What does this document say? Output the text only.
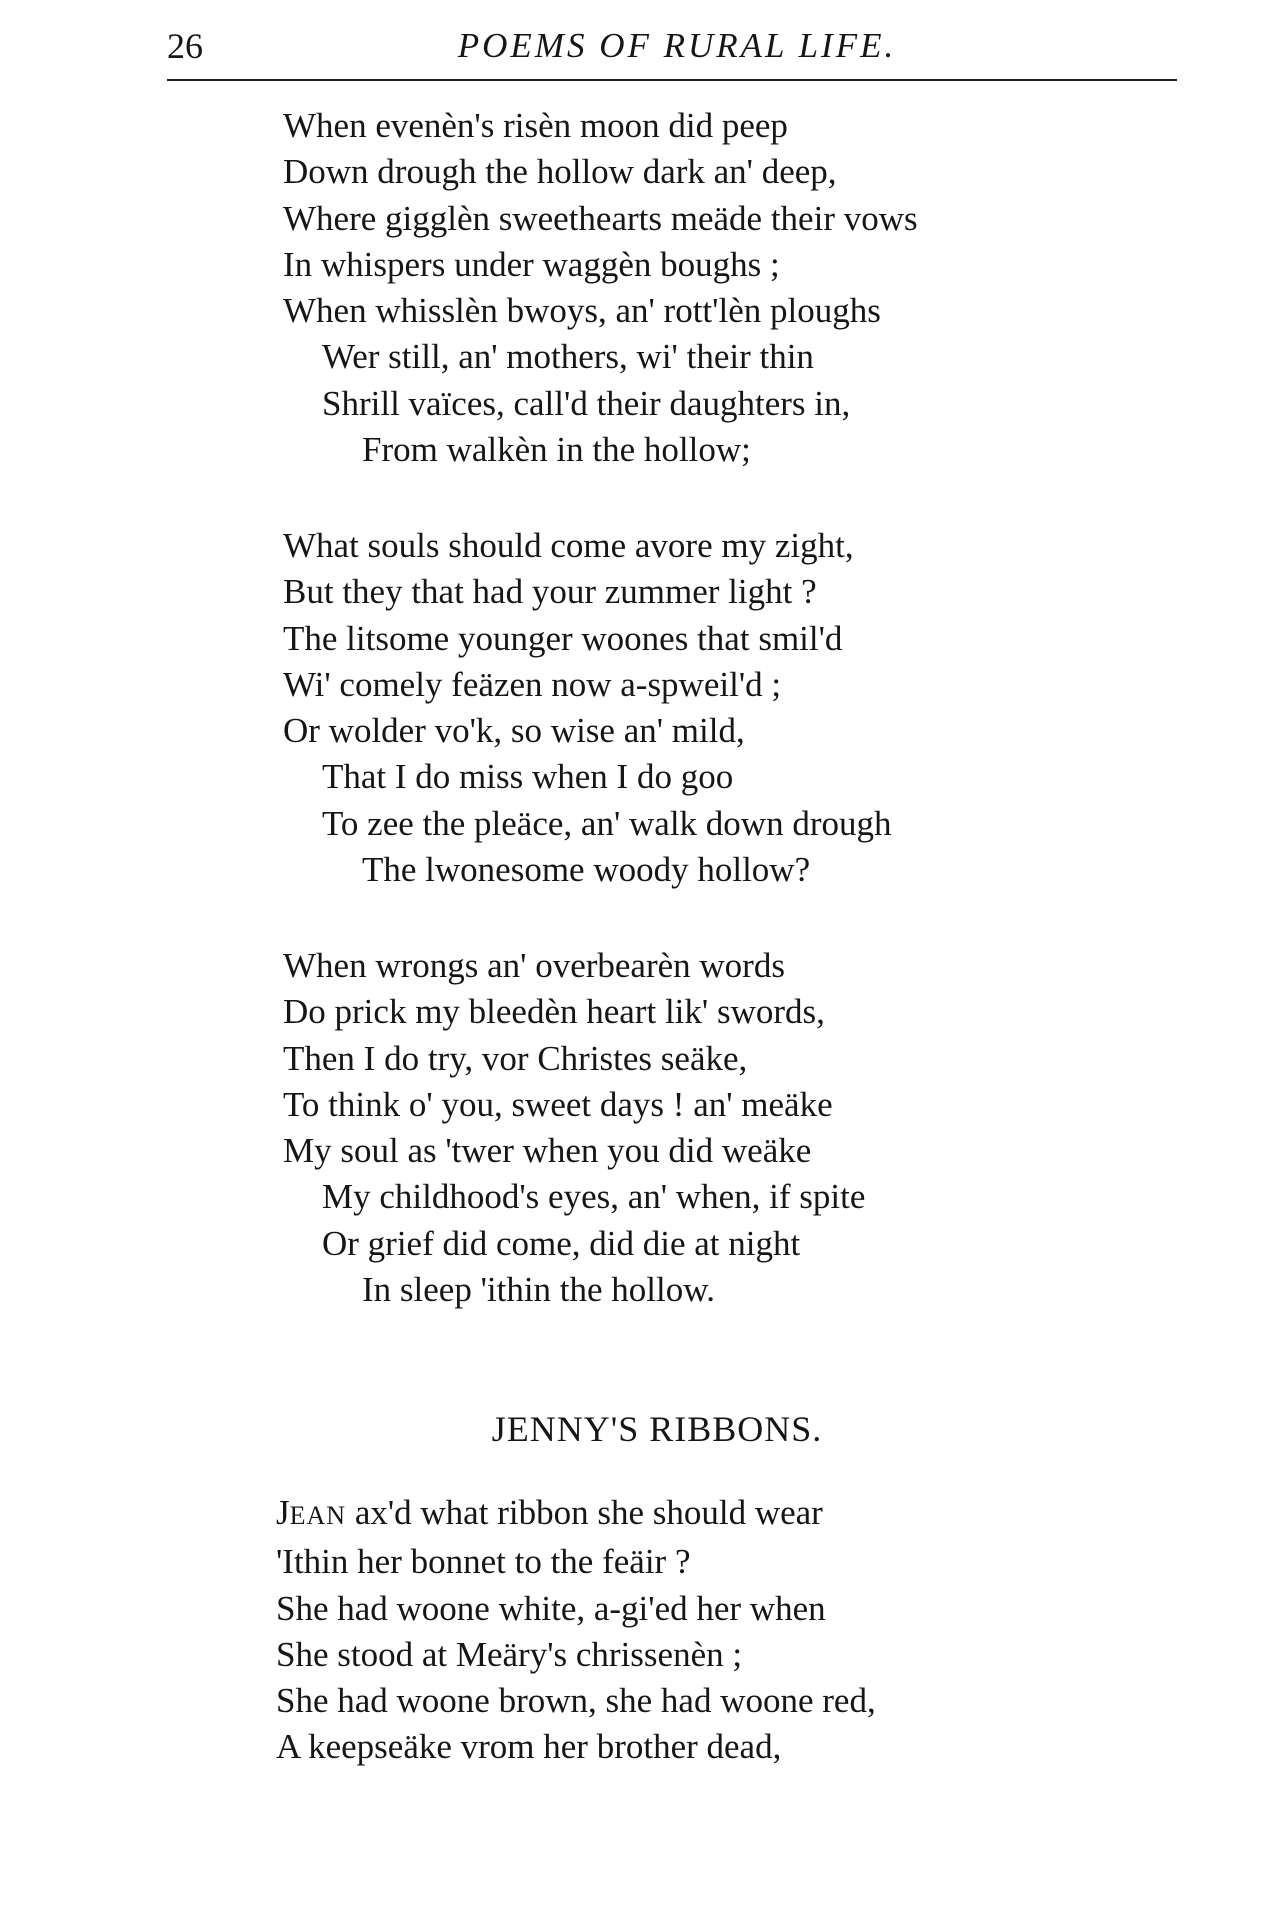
26	POEMS OF RURAL LIFE.
When evenèn's risèn moon did peep
Down drough the hollow dark an' deep,
Where gigglèn sweethearts meäde their vows
In whispers under waggèn boughs ;
When whisslèn bwoys, an' rott'lèn ploughs
Wer still, an' mothers, wi' their thin
Shrill vaïces, call'd their daughters in,
From walkèn in the hollow;
What souls should come avore my zight,
But they that had your zummer light ?
The litsome younger woones that smil'd
Wi' comely feäzen now a-spweil'd ;
Or wolder vo'k, so wise an' mild,
That I do miss when I do goo
To zee the pleäce, an' walk down drough
The lwonesome woody hollow?
When wrongs an' overbearèn words
Do prick my bleedèn heart lik' swords,
Then I do try, vor Christes seäke,
To think o' you, sweet days ! an' meäke
My soul as 'twer when you did weäke
My childhood's eyes, an' when, if spite
Or grief did come, did die at night
In sleep 'ithin the hollow.
JENNY'S RIBBONS.
JEAN ax'd what ribbon she should wear
'Ithin her bonnet to the feäir ?
She had woone white, a-gi'ed her when
She stood at Meäry's chrissenèn ;
She had woone brown, she had woone red,
A keepseäke vrom her brother dead,
